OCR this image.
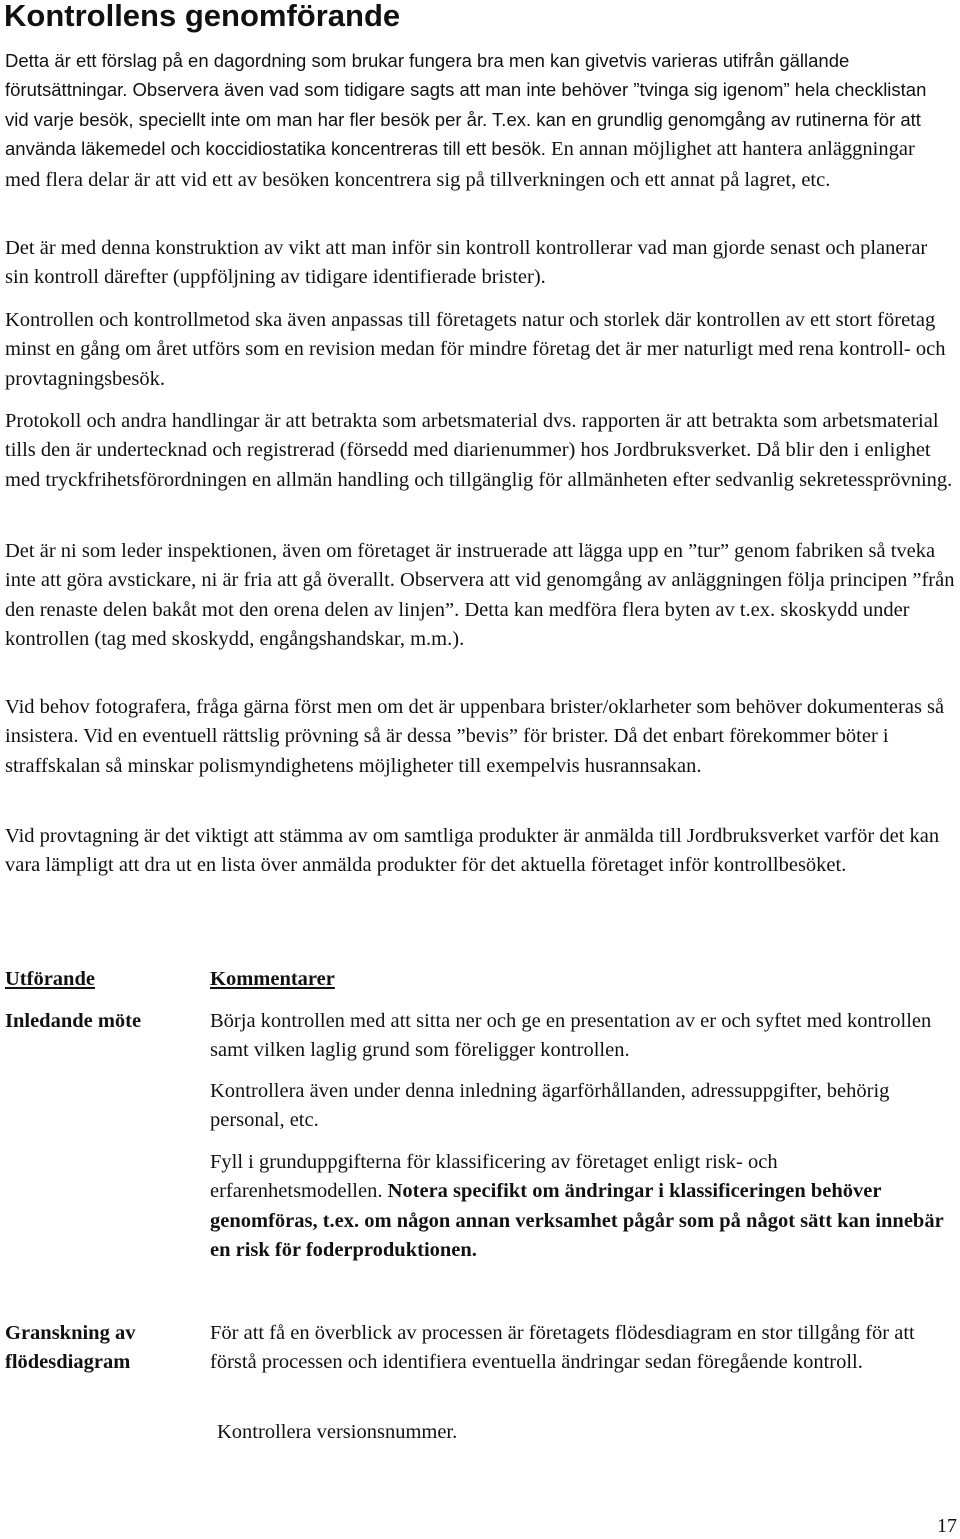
Kontrollens genomförande

Detta är ett förslag på en dagordning som brukar fungera bra men kan givetvis varieras utifrån gällande förutsättningar. Observera även vad som tidigare sagts att man inte behöver ”tvinga sig igenom” hela checklistan vid varje besök, speciellt inte om man har fler besök per år. T.ex. kan en grundlig genomgång av rutinerna för att använda läkemedel och koccidiostatika koncentreras till ett besök. En annan möjlighet att hantera anläggningar med flera delar är att vid ett av besöken koncentrera sig på tillverkningen och ett annat på lagret, etc.

Det är med denna konstruktion av vikt att man inför sin kontroll kontrollerar vad man gjorde senast och planerar sin kontroll därefter (uppföljning av tidigare identifierade brister).

Kontrollen och kontrollmetod ska även anpassas till företagets natur och storlek där kontrollen av ett stort företag minst en gång om året utförs som en revision medan för mindre företag det är mer naturligt med rena kontroll- och provtagningsbesök.

Protokoll och andra handlingar är att betrakta som arbetsmaterial dvs. rapporten är att betrakta som arbetsmaterial tills den är undertecknad och registrerad (försedd med diarienummer) hos Jordbruksverket. Då blir den i enlighet med tryckfrihetsförordningen en allmän handling och tillgänglig för allmänheten efter sedvanlig sekretessprövning.

Det är ni som leder inspektionen, även om företaget är instruerade att lägga upp en ”tur” genom fabriken så tveka inte att göra avstickare, ni är fria att gå överallt. Observera att vid genomgång av anläggningen följa principen ”från den renaste delen bakåt mot den orena delen av linjen”. Detta kan medföra flera byten av t.ex. skoskydd under kontrollen (tag med skoskydd, engångshandskar, m.m.).

Vid behov fotografera, fråga gärna först men om det är uppenbara brister/oklarheter som behöver dokumenteras så insistera. Vid en eventuell rättslig prövning så är dessa ”bevis” för brister. Då det enbart förekommer böter i straffskalan så minskar polismyndighetens möjligheter till exempelvis husrannsakan.

Vid provtagning är det viktigt att stämma av om samtliga produkter är anmälda till Jordbruksverket varför det kan vara lämpligt att dra ut en lista över anmälda produkter för det aktuella företaget inför kontrollbesöket.

Utförande	Kommentarer

Inledande möte	Börja kontrollen med att sitta ner och ge en presentation av er och syftet med kontrollen samt vilken laglig grund som föreligger kontrollen.

Kontrollera även under denna inledning ägarförhållanden, adressuppgifter, behörig personal, etc.

Fyll i grunduppgifterna för klassificering av företaget enligt risk- och erfarenhetsmodellen. Notera specifikt om ändringar i klassificeringen behöver genomföras, t.ex. om någon annan verksamhet pågår som på något sätt kan innebär en risk för foderproduktionen.

Granskning av flödesdiagram

För att få en överblick av processen är företagets flödesdiagram en stor tillgång för att förstå processen och identifiera eventuella ändringar sedan föregående kontroll.

Kontrollera versionsnummer.

17
